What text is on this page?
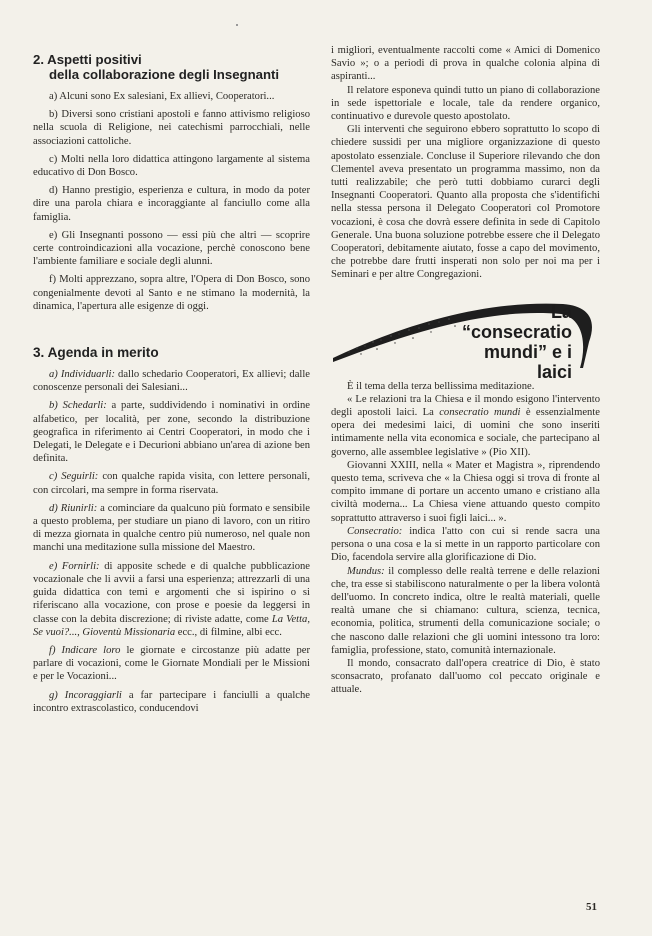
2. Aspetti positivi
della collaborazione degli Insegnanti

a) Alcuni sono Ex salesiani, Ex allievi, Cooperatori...

b) Diversi sono cristiani apostoli e fanno attivismo religioso nella scuola di Religione, nei catechismi parrocchiali, nelle associazioni cattoliche.

c) Molti nella loro didattica attingono largamente al sistema educativo di Don Bosco.

d) Hanno prestigio, esperienza e cultura, in modo da poter dire una parola chiara e incoraggiante al fanciullo come alla famiglia.

e) Gli Insegnanti possono — essi più che altri — scoprire certe controindicazioni alla vocazione, perchè conoscono bene l'ambiente familiare e sociale degli alunni.

f) Molti apprezzano, sopra altre, l'Opera di Don Bosco, sono congenialmente devoti al Santo e ne stimano la modernità, la dinamica, l'apertura alle esigenze di oggi.

3. Agenda in merito

a) Individuarli: dallo schedario Cooperatori, Ex allievi; dalle conoscenze personali dei Salesiani...

b) Schedarli: a parte, suddividendo i nominativi in ordine alfabetico, per località, per zone, secondo la distribuzione geografica in riferimento ai Centri Cooperatori, in modo che i Delegati, le Delegate e i Decurioni abbiano un'area di azione ben definita.

c) Seguirli: con qualche rapida visita, con lettere personali, con circolari, ma sempre in forma riservata.

d) Riunirli: a cominciare da qualcuno più formato e sensibile a questo problema, per studiare un piano di lavoro, con un ritiro di mezza giornata in qualche centro più numeroso, nel quale non manchi una meditazione sulla missione del Maestro.

e) Fornirli: di apposite schede e di qualche pubblicazione vocazionale che li avvii a farsi una esperienza; attrezzarli di una guida didattica con temi e argomenti che si ispirino o si riferiscano alla vocazione, con prose e poesie da leggersi in classe con la debita discrezione; di riviste adatte, come La Vetta, Se vuoi?..., Gioventù Missionaria ecc., di filmine, albi ecc.

f) Indicare loro le giornate e circostanze più adatte per parlare di vocazioni, come le Giornate Mondiali per le Missioni e per le Vocazioni...

g) Incoraggiarli a far partecipare i fanciulli a qualche incontro extrascolastico, conducendovi

i migliori, eventualmente raccolti come « Amici di Domenico Savio »; o a periodi di prova in qualche colonia alpina di aspiranti...

Il relatore esponeva quindi tutto un piano di collaborazione in sede ispettoriale e locale, tale da rendere organico, continuativo e durevole questo apostolato.

Gli interventi che seguirono ebbero soprattutto lo scopo di chiedere sussidi per una migliore organizzazione di questo apostolato essenziale. Concluse il Superiore rilevando che don Clementel aveva presentato un programma massimo, non da tutti realizzabile; che però tutti dobbiamo curarci degli Insegnanti Cooperatori. Quanto alla proposta che s'identifichi nella stessa persona il Delegato Cooperatori col Promotore vocazioni, è cosa che dovrà essere definita in sede di Capitolo Generale. Una buona soluzione potrebbe essere che il Delegato Cooperatori, debitamente aiutato, fosse a capo del movimento, che potrebbe dare frutti insperati non solo per noi ma per i Seminari e per altre Congregazioni.

La “consecratio mundi” e i laici

È il tema della terza bellissima meditazione.

« Le relazioni tra la Chiesa e il mondo esigono l'intervento degli apostoli laici. La consecratio mundi è essenzialmente opera dei medesimi laici, di uomini che sono inseriti intimamente nella vita economica e sociale, che partecipano al governo, alle assemblee legislative » (Pio XII).

Giovanni XXIII, nella « Mater et Magistra », riprendendo questo tema, scriveva che « la Chiesa oggi si trova di fronte al compito immane di portare un accento umano e cristiano alla civiltà moderna... La Chiesa viene attuando questo compito soprattutto attraverso i suoi figli laici... ».

Consecratio: indica l'atto con cui si rende sacra una persona o una cosa e la si mette in un rapporto particolare con Dio, facendola servire alla glorificazione di Dio.

Mundus: il complesso delle realtà terrene e delle relazioni che, tra esse si stabiliscono naturalmente o per la libera volontà dell'uomo. In concreto indica, oltre le realtà materiali, quelle realtà umane che si chiamano: cultura, scienza, tecnica, economia, politica, strumenti della comunicazione sociale; o che nascono dalle relazioni che gli uomini intessono tra loro: famiglia, professione, stato, comunità internazionale.

Il mondo, consacrato dall'opera creatrice di Dio, è stato sconsacrato, profanato dall'uomo col peccato originale e attuale.

51
